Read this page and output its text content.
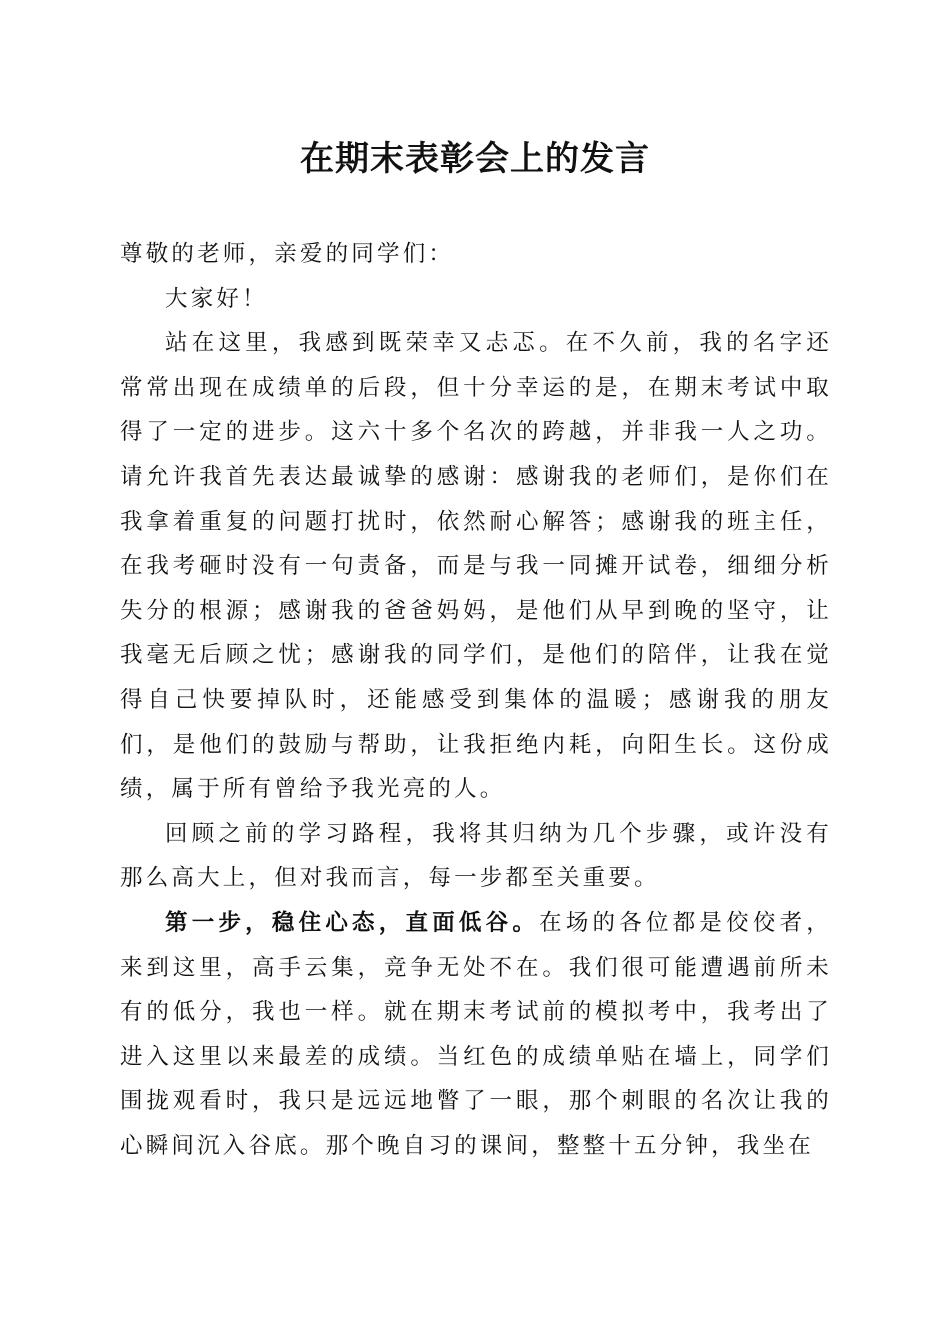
在期末表彰会上的发言

尊敬的老师，亲爱的同学们：

大家好！

站在这里，我感到既荣幸又忐忑。在不久前，我的名字还常常出现在成绩单的后段，但十分幸运的是，在期末考试中取得了一定的进步。这六十多个名次的跨越，并非我一人之功。请允许我首先表达最诚挚的感谢：感谢我的老师们，是你们在我拿着重复的问题打扰时，依然耐心解答；感谢我的班主任，在我考砸时没有一句责备，而是与我一同摊开试卷，细细分析失分的根源；感谢我的爸爸妈妈，是他们从早到晚的坚守，让我毫无后顾之忧；感谢我的同学们，是他们的陪伴，让我在觉得自己快要掉队时，还能感受到集体的温暖；感谢我的朋友们，是他们的鼓励与帮助，让我拒绝内耗，向阳生长。这份成绩，属于所有曾给予我光亮的人。

回顾之前的学习路程，我将其归纳为几个步骤，或许没有那么高大上，但对我而言，每一步都至关重要。

第一步，稳住心态，直面低谷。在场的各位都是佼佼者，来到这里，高手云集，竞争无处不在。我们很可能遭遇前所未有的低分，我也一样。就在期末考试前的模拟考中，我考出了进入这里以来最差的成绩。当红色的成绩单贴在墙上，同学们围拢观看时，我只是远远地瞥了一眼，那个刺眼的名次让我的心瞬间沉入谷底。那个晚自习的课间，整整十五分钟，我坐在
